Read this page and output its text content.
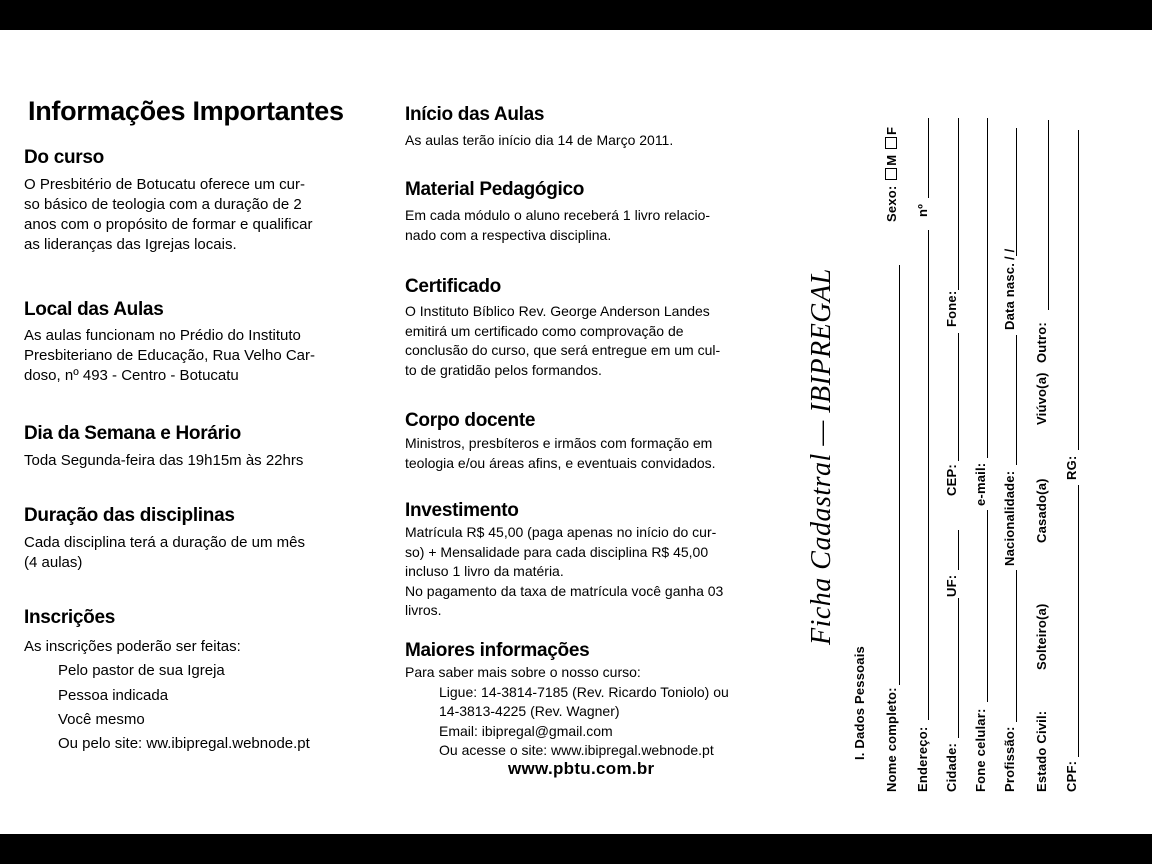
Informações Importantes
Do curso
O Presbitério de Botucatu oferece um cur-
so básico de teologia com a duração de 2
anos com o propósito de formar e qualificar
as lideranças das Igrejas locais.
Local das Aulas
As aulas funcionam no Prédio do Instituto
Presbiteriano de Educação, Rua Velho Car-
doso, nº 493 - Centro - Botucatu
Dia da Semana e Horário
Toda Segunda-feira das 19h15m às 22hrs
Duração das disciplinas
Cada disciplina terá a duração de um mês
(4 aulas)
Inscrições
As inscrições poderão ser feitas:
Pelo pastor de sua Igreja
Pessoa indicada
Você mesmo
Ou pelo site: ww.ibipregal.webnode.pt
Início das Aulas
As aulas terão início dia 14 de Março 2011.
Material Pedagógico
Em cada módulo o aluno receberá 1 livro relacio-
nado com a respectiva disciplina.
Certificado
O Instituto Bíblico Rev. George Anderson Landes
emitirá um certificado como comprovação de
conclusão do curso, que será entregue em um cul-
to de gratidão pelos formandos.
Corpo docente
Ministros, presbíteros e irmãos com formação em
teologia e/ou áreas afins, e eventuais convidados.
Investimento
Matrícula R$ 45,00 (paga apenas no início do cur-
so) + Mensalidade para cada disciplina R$ 45,00
incluso 1 livro da matéria.
No pagamento da taxa de matrícula você ganha 03
livros.
Maiores informações
Para saber mais sobre o nosso curso:
Ligue: 14-3814-7185 (Rev. Ricardo Toniolo) ou
14-3813-4225 (Rev. Wagner)
Email: ibipregal@gmail.com
Ou acesse o site: www.ibipregal.webnode.pt
www.pbtu.com.br
Ficha Cadastral — IBIPREGAL
I. Dados Pessoais Nome completo:
Sexo: M F
Endereço:
nº
Cidade:
UF:
CEP:
Fone:
Fone celular:
e-mail:
Profissão:
Nacionalidade:
Data nasc.
/ /
Estado Civil:
Solteiro(a)
Casado(a)
Viúvo(a)
Outro:
CPF:
RG:
